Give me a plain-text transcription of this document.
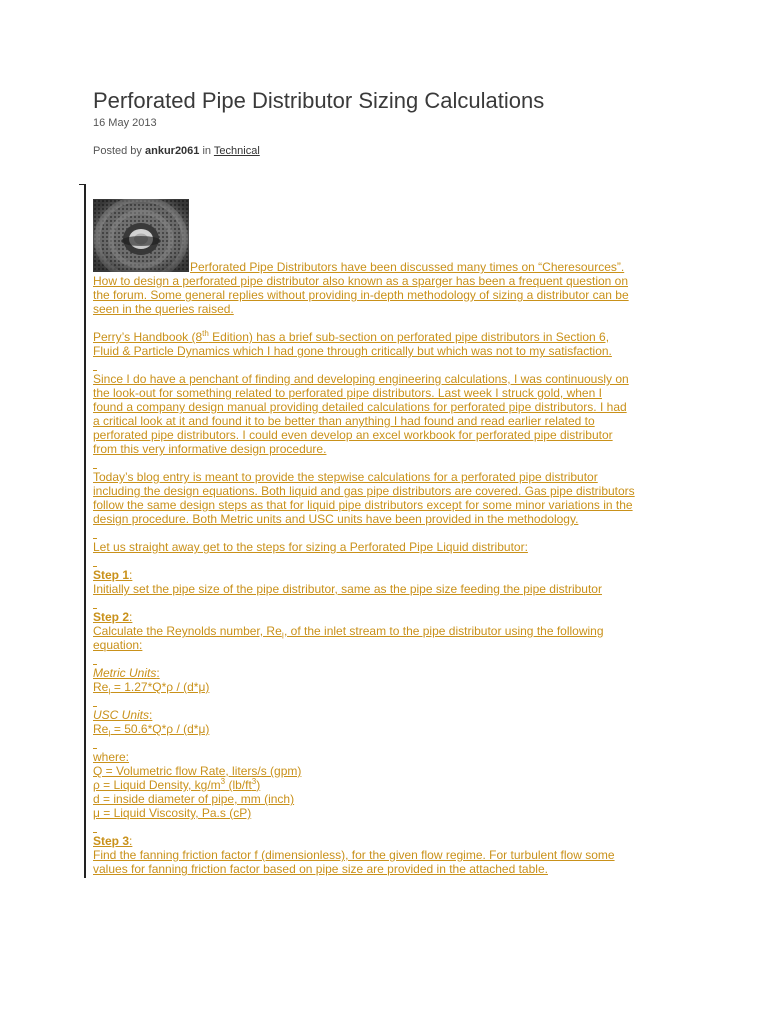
Perforated Pipe Distributor Sizing Calculations
16 May 2013
Posted by ankur2061 in Technical
Perforated Pipe Distributors have been discussed many times on “Cheresources”.
How to design a perforated pipe distributor also known as a sparger has been a frequent question on
the forum. Some general replies without providing in-depth methodology of sizing a distributor can be
seen in the queries raised.
Perry’s Handbook (8th Edition) has a brief sub-section on perforated pipe distributors in Section 6,
Fluid & Particle Dynamics which I had gone through critically but which was not to my satisfaction.
Since I do have a penchant of finding and developing engineering calculations, I was continuously on
the look-out for something related to perforated pipe distributors. Last week I struck gold, when I
found a company design manual providing detailed calculations for perforated pipe distributors. I had
a critical look at it and found it to be better than anything I had found and read earlier related to
perforated pipe distributors. I could even develop an excel workbook for perforated pipe distributor
from this very informative design procedure.
Today’s blog entry is meant to provide the stepwise calculations for a perforated pipe distributor
including the design equations. Both liquid and gas pipe distributors are covered. Gas pipe distributors
follow the same design steps as that for liquid pipe distributors except for some minor variations in the
design procedure. Both Metric units and USC units have been provided in the methodology.
Let us straight away get to the steps for sizing a Perforated Pipe Liquid distributor:
Step 1:
Initially set the pipe size of the pipe distributor, same as the pipe size feeding the pipe distributor
Step 2:
Calculate the Reynolds number, $Re_I$, of the inlet stream to the pipe distributor using the following
equation:
Metric Units:
$Re_I = 1.27*Q*\rho / (d*\mu)$
USC Units:
$Re_I = 50.6*Q*\rho / (d*\mu)$
where:
Q = Volumetric flow Rate, liters/s (gpm)
ρ = Liquid Density, $kg/m^3$ $(lb/ft^3)$
d = inside diameter of pipe, mm (inch)
μ = Liquid Viscosity, Pa.s (cP)
Step 3:
Find the fanning friction factor f (dimensionless), for the given flow regime. For turbulent flow some
values for fanning friction factor based on pipe size are provided in the attached table.
